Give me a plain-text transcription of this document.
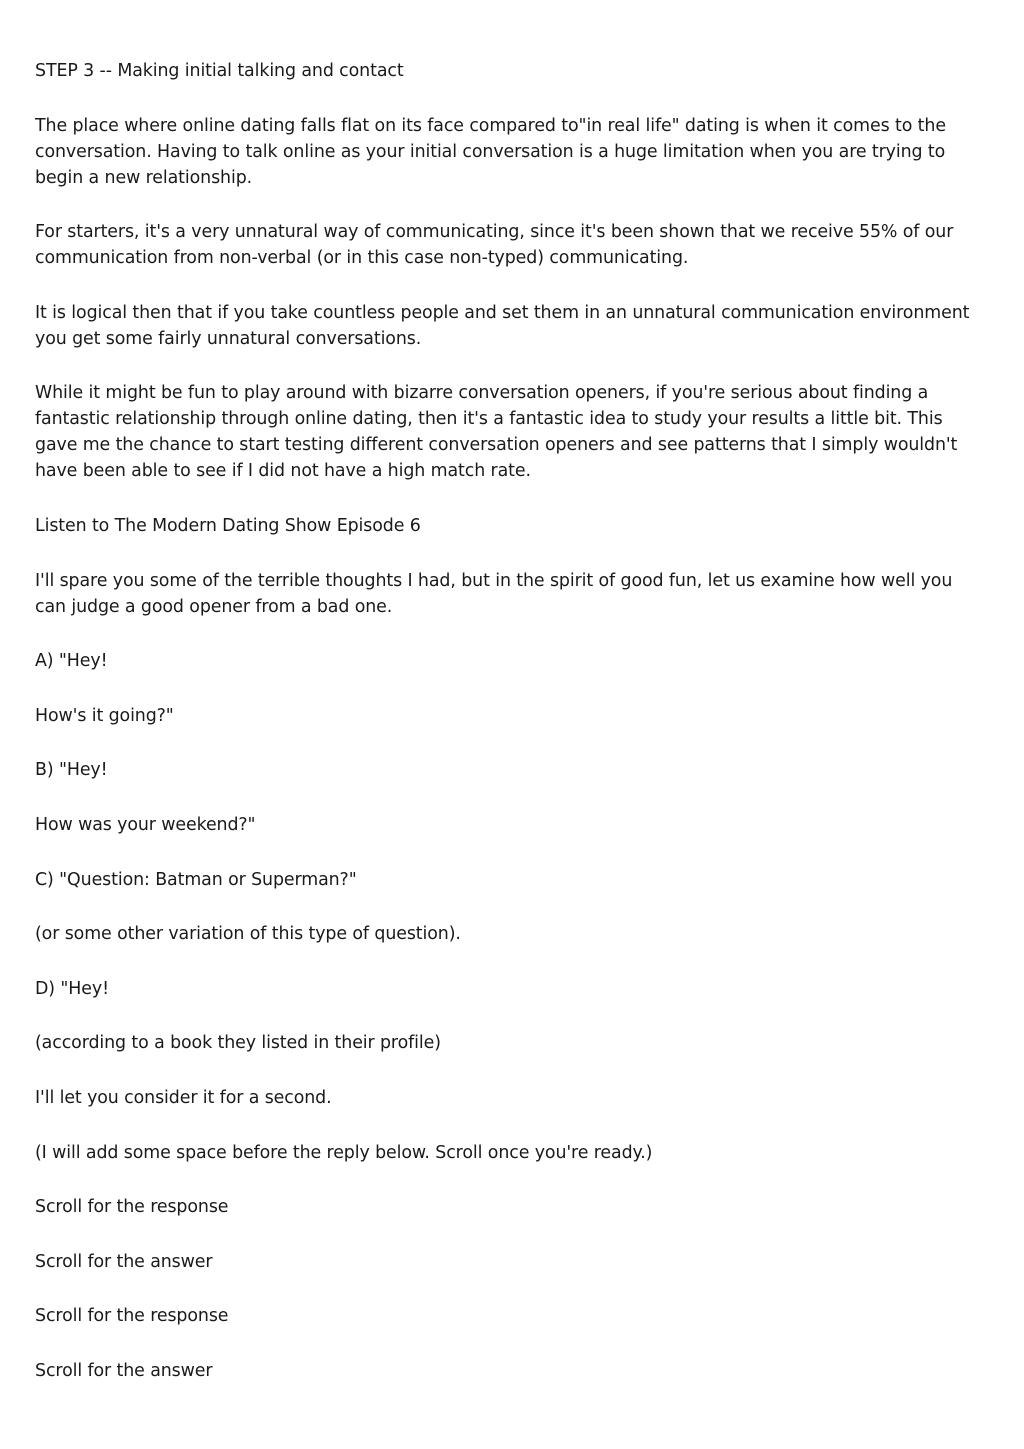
STEP 3 -- Making initial talking and contact

The place where online dating falls flat on its face compared to"in real life" dating is when it comes to the conversation. Having to talk online as your initial conversation is a huge limitation when you are trying to begin a new relationship.

For starters, it's a very unnatural way of communicating, since it's been shown that we receive 55% of our communication from non-verbal (or in this case non-typed) communicating.

It is logical then that if you take countless people and set them in an unnatural communication environment you get some fairly unnatural conversations.

While it might be fun to play around with bizarre conversation openers, if you're serious about finding a fantastic relationship through online dating, then it's a fantastic idea to study your results a little bit. This gave me the chance to start testing different conversation openers and see patterns that I simply wouldn't have been able to see if I did not have a high match rate.

Listen to The Modern Dating Show Episode 6

I'll spare you some of the terrible thoughts I had, but in the spirit of good fun, let us examine how well you can judge a good opener from a bad one.

A) "Hey!

How's it going?"

B) "Hey!

How was your weekend?"

C) "Question: Batman or Superman?"

(or some other variation of this type of question).

D) "Hey!

(according to a book they listed in their profile)

I'll let you consider it for a second.

(I will add some space before the reply below. Scroll once you're ready.)

Scroll for the response

Scroll for the answer

Scroll for the response

Scroll for the answer
